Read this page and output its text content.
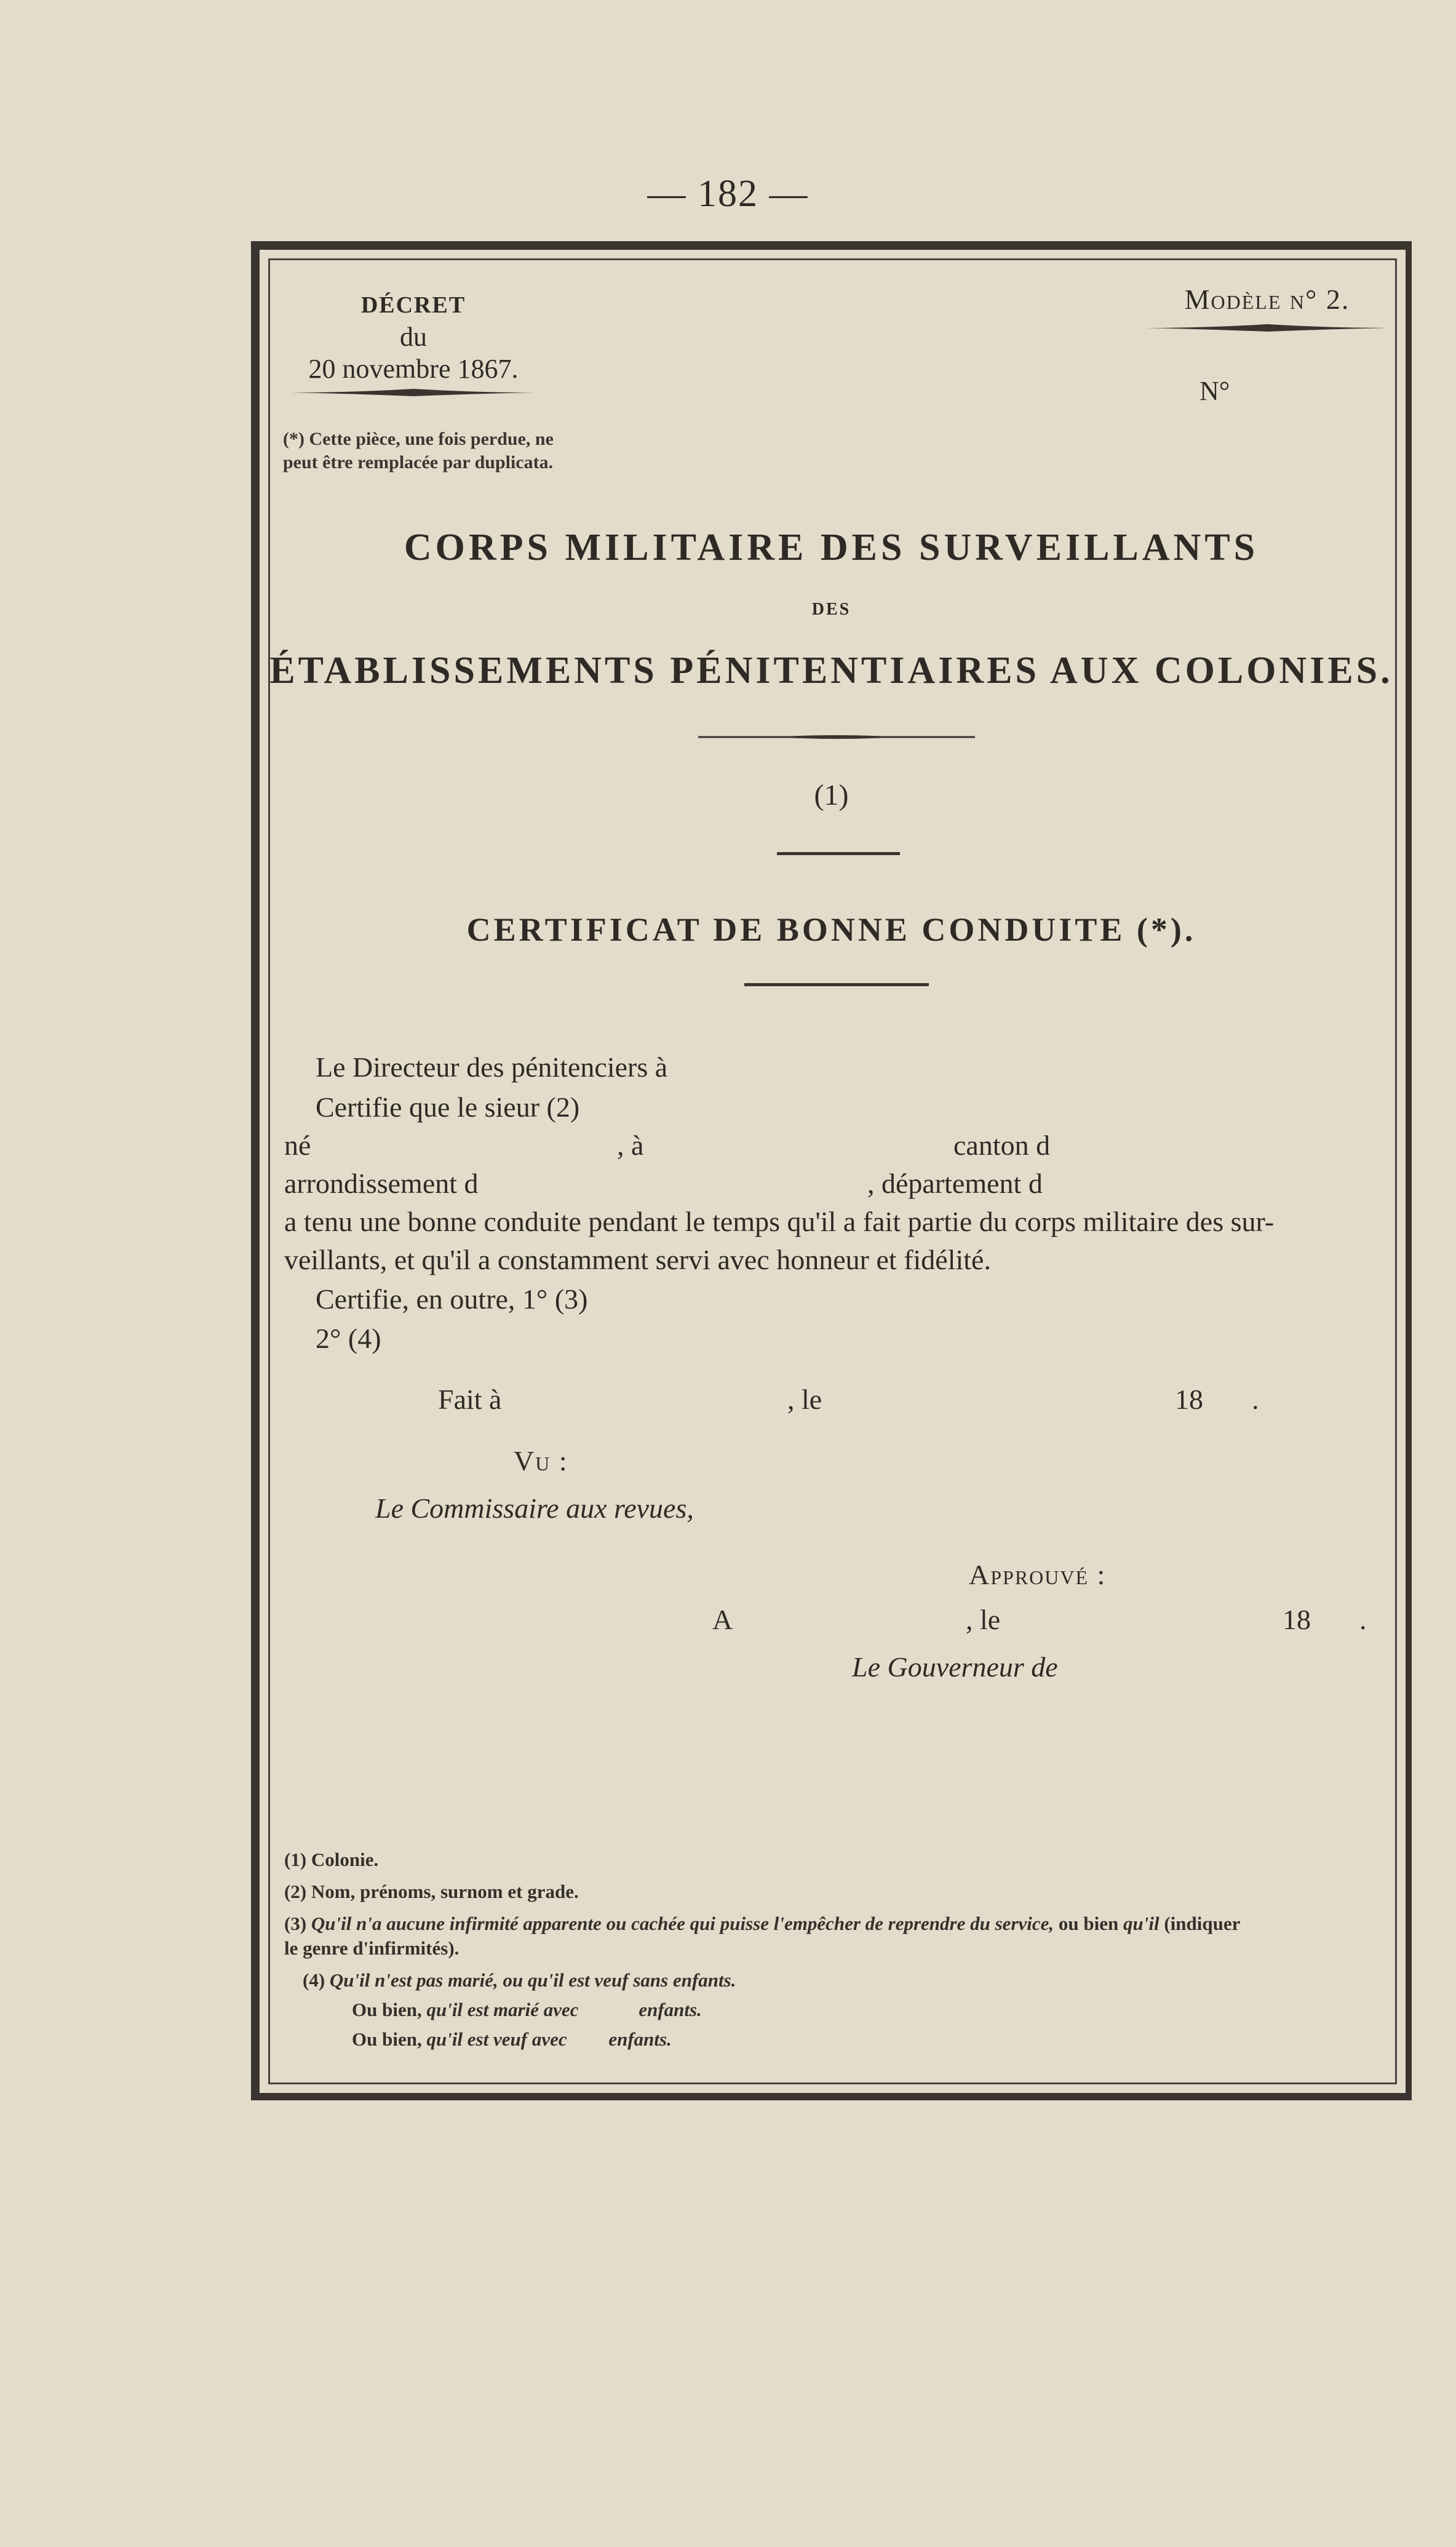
— 182 —
DÉCRET
du
20 novembre 1867.
(*) Cette pièce, une fois perdue, ne peut être remplacée par duplicata.
Modèle n° 2.
N°
CORPS MILITAIRE DES SURVEILLANTS
DES
ÉTABLISSEMENTS PÉNITENTIAIRES AUX COLONIES.
(1)
CERTIFICAT DE BONNE CONDUITE (*).
Le Directeur des pénitenciers à
Certifie que le sieur (2)
né	, à	canton d
arrondissement d	, département d
a tenu une bonne conduite pendant le temps qu'il a fait partie du corps militaire des sur-
veillants, et qu'il a constamment servi avec honneur et fidélité.
Certifie, en outre, 1° (3)
2° (4)
Fait à	, le	18 .
Vu :
Le Commissaire aux revues,
Approuvé :
A	, le	18 .
Le Gouverneur de
(1) Colonie.
(2) Nom, prénoms, surnom et grade.
(3) Qu'il n'a aucune infirmité apparente ou cachée qui puisse l'empêcher de reprendre du service, ou bien qu'il (indiquer
le genre d'infirmités).
(4) Qu'il n'est pas marié, ou qu'il est veuf sans enfants.
Ou bien, qu'il est marié avec	enfants.
Ou bien, qu'il est veuf avec enfants.
